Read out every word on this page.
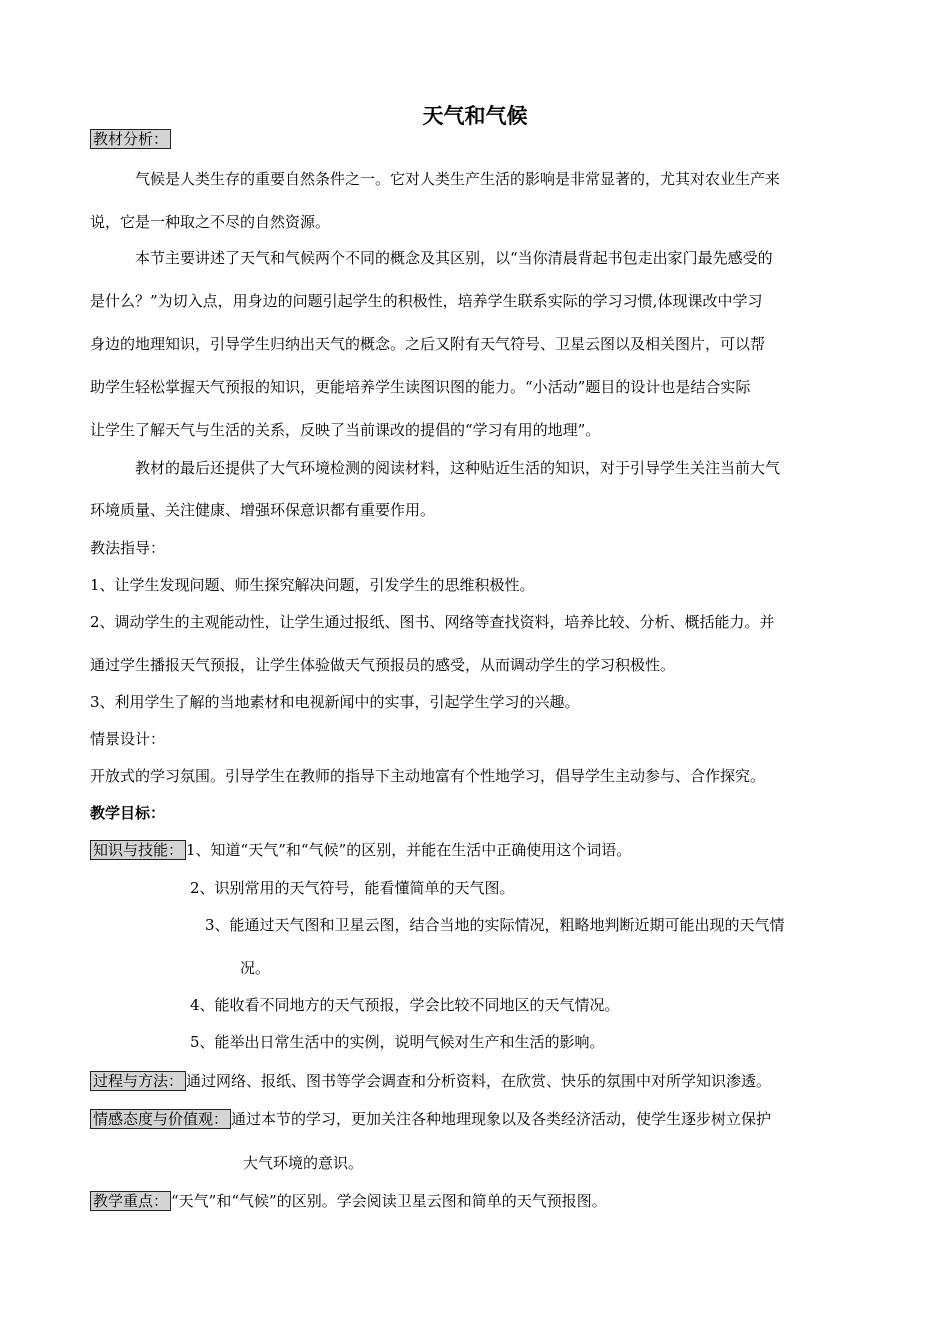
天气和气候
教材分析：
气候是人类生存的重要自然条件之一。它对人类生产生活的影响是非常显著的，尤其对农业生产来
说，它是一种取之不尽的自然资源。
本节主要讲述了天气和气候两个不同的概念及其区别，以“当你清晨背起书包走出家门最先感受的
是什么？”为切入点，用身边的问题引起学生的积极性，培养学生联系实际的学习习惯,体现课改中学习
身边的地理知识，引导学生归纳出天气的概念。之后又附有天气符号、卫星云图以及相关图片，可以帮
助学生轻松掌握天气预报的知识，更能培养学生读图识图的能力。“小活动”题目的设计也是结合实际
让学生了解天气与生活的关系，反映了当前课改的提倡的“学习有用的地理”。
教材的最后还提供了大气环境检测的阅读材料，这种贴近生活的知识，对于引导学生关注当前大气
环境质量、关注健康、增强环保意识都有重要作用。
教法指导：
1、让学生发现问题、师生探究解决问题，引发学生的思维积极性。
2、调动学生的主观能动性，让学生通过报纸、图书、网络等查找资料，培养比较、分析、概括能力。并
通过学生播报天气预报，让学生体验做天气预报员的感受，从而调动学生的学习积极性。
3、利用学生了解的当地素材和电视新闻中的实事，引起学生学习的兴趣。
情景设计：
开放式的学习氛围。引导学生在教师的指导下主动地富有个性地学习，倡导学生主动参与、合作探究。
教学目标：
知识与技能： 1、知道“天气”和“气候”的区别，并能在生活中正确使用这个词语。
2、识别常用的天气符号，能看懂简单的天气图。
3、能通过天气图和卫星云图，结合当地的实际情况，粗略地判断近期可能出现的天气情
况。
4、能收看不同地方的天气预报，学会比较不同地区的天气情况。
5、能举出日常生活中的实例，说明气候对生产和生活的影响。
过程与方法： 通过网络、报纸、图书等学会调查和分析资料，在欣赏、快乐的氛围中对所学知识渗透。
情感态度与价值观： 通过本节的学习，更加关注各种地理现象以及各类经济活动，使学生逐步树立保护
大气环境的意识。
教学重点： “天气”和“气候”的区别。学会阅读卫星云图和简单的天气预报图。
